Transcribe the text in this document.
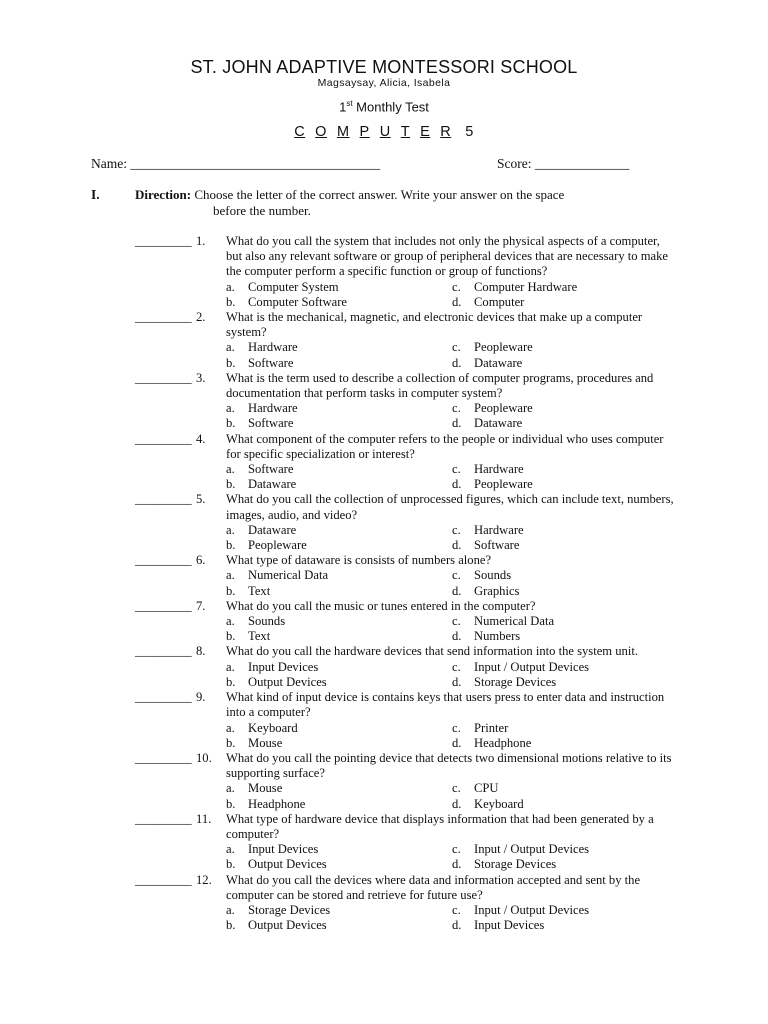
ST. JOHN ADAPTIVE MONTESSORI SCHOOL
Magsaysay, Alicia, Isabela
1st Monthly Test
C O M P U T E R 5
Name: _____________________________________	Score: ______________
I.	Direction: Choose the letter of the correct answer. Write your answer on the space
before the number.
_________ 1. What do you call the system that includes not only the physical aspects of a computer, but also any relevant software or group of peripheral devices that are necessary to make the computer perform a specific function or group of functions?
a. Computer System	c. Computer Hardware
b. Computer Software	d. Computer
_________ 2. What is the mechanical, magnetic, and electronic devices that make up a computer system?
a. Hardware	c. Peopleware
b. Software	d. Dataware
_________ 3. What is the term used to describe a collection of computer programs, procedures and documentation that perform tasks in computer system?
a. Hardware	c. Peopleware
b. Software	d. Dataware
_________ 4. What component of the computer refers to the people or individual who uses computer for specific specialization or interest?
a. Software	c. Hardware
b. Dataware	d. Peopleware
_________ 5. What do you call the collection of unprocessed figures, which can include text, numbers, images, audio, and video?
a. Dataware	c. Hardware
b. Peopleware	d. Software
_________ 6. What type of dataware is consists of numbers alone?
a. Numerical Data	c. Sounds
b. Text	d. Graphics
_________ 7. What do you call the music or tunes entered in the computer?
a. Sounds	c. Numerical Data
b. Text	d. Numbers
_________ 8. What do you call the hardware devices that send information into the system unit.
a. Input Devices	c. Input / Output Devices
b. Output Devices	d. Storage Devices
_________ 9. What kind of input device is contains keys that users press to enter data and instruction into a computer?
a. Keyboard	c. Printer
b. Mouse	d. Headphone
_________ 10. What do you call the pointing device that detects two dimensional motions relative to its supporting surface?
a. Mouse	c. CPU
b. Headphone	d. Keyboard
_________ 11. What type of hardware device that displays information that had been generated by a computer?
a. Input Devices	c. Input / Output Devices
b. Output Devices	d. Storage Devices
_________ 12. What do you call the devices where data and information accepted and sent by the computer can be stored and retrieve for future use?
a. Storage Devices	c. Input / Output Devices
b. Output Devices	d. Input Devices
